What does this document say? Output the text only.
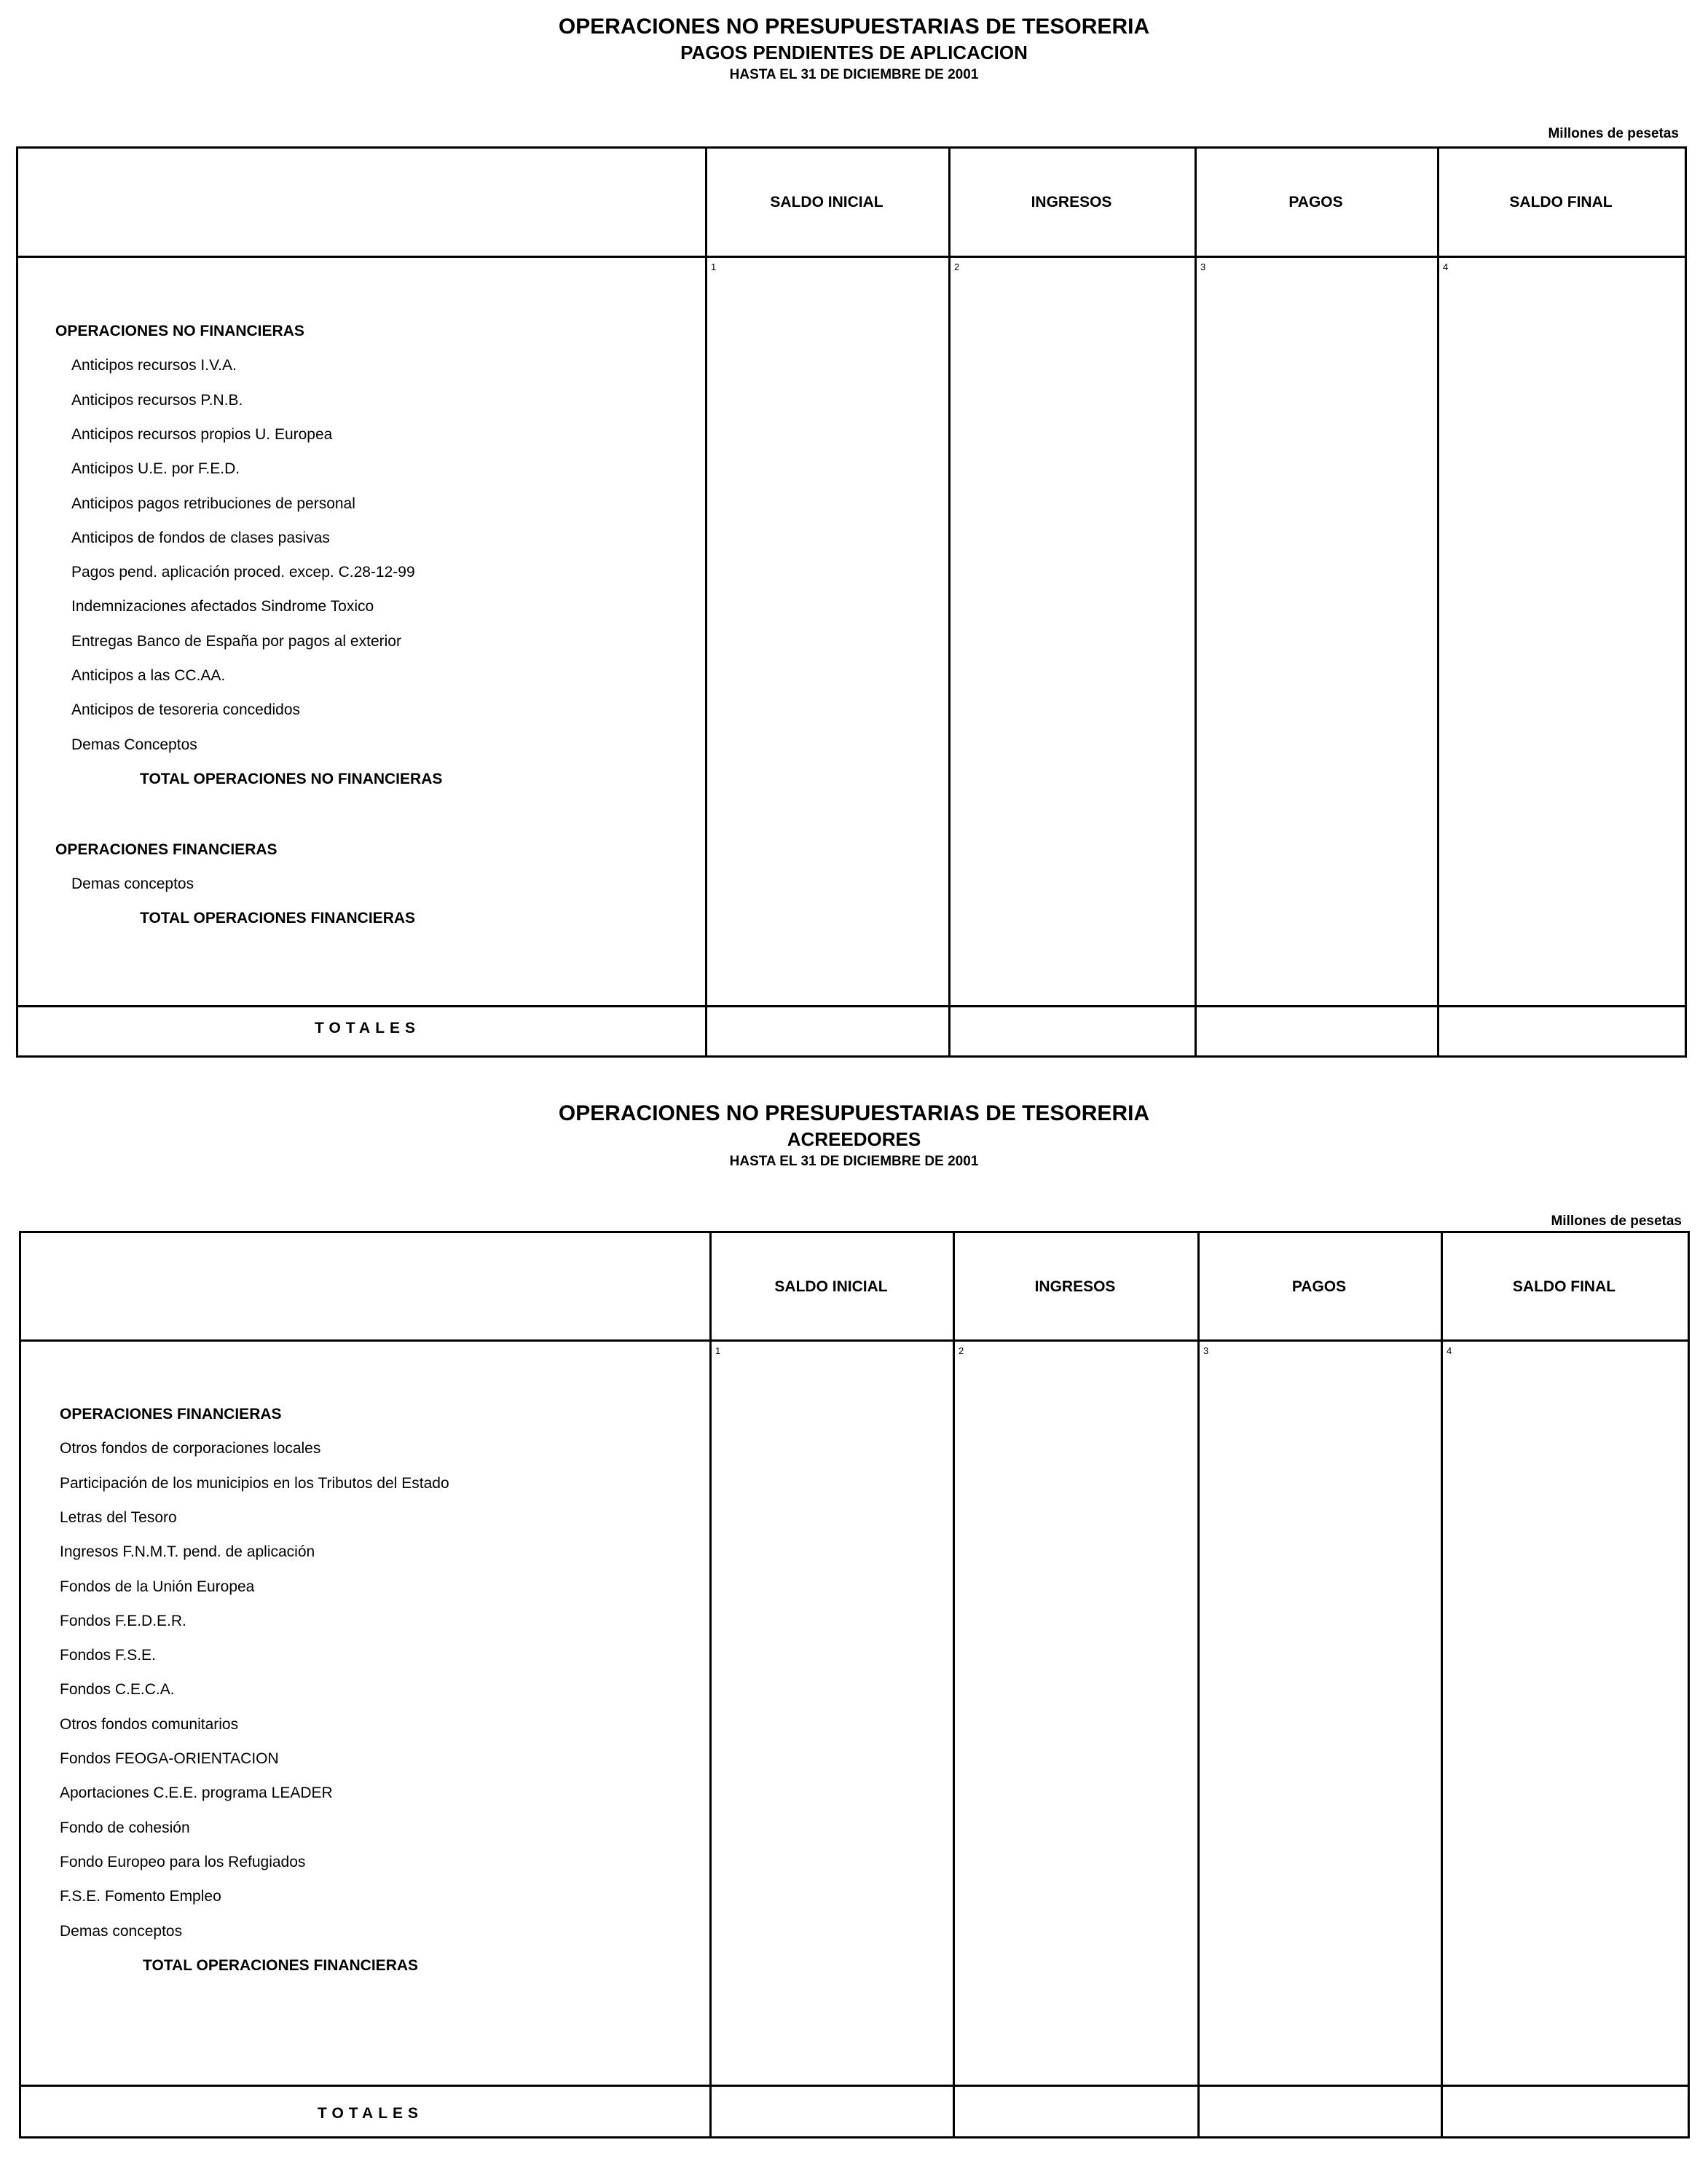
OPERACIONES NO PRESUPUESTARIAS DE TESORERIA
PAGOS PENDIENTES DE APLICACION
HASTA EL 31 DE DICIEMBRE DE 2001
Millones de pesetas
SALDO INICIAL
1
INGRESOS
2
PAGOS
3
SALDO FINAL
4
OPERACIONES NO FINANCIERAS
Anticipos recursos I.V.A.
Anticipos recursos P.N.B.
Anticipos recursos propios U. Europea
Anticipos U.E. por F.E.D.
Anticipos pagos retribuciones de personal
Anticipos de fondos de clases pasivas
Pagos pend. aplicación proced. excep. C.28-12-99
Indemnizaciones afectados Sindrome Toxico
Entregas Banco de España por pagos al exterior
Anticipos a las CC.AA.
Anticipos de tesoreria concedidos
Demas Conceptos
TOTAL OPERACIONES NO FINANCIERAS
OPERACIONES FINANCIERAS
Demas conceptos
TOTAL OPERACIONES FINANCIERAS
TOTALES
OPERACIONES NO PRESUPUESTARIAS DE TESORERIA
ACREEDORES
HASTA EL 31 DE DICIEMBRE DE 2001
Millones de pesetas
SALDO INICIAL
1
INGRESOS
2
PAGOS
3
SALDO FINAL
4
OPERACIONES FINANCIERAS
Otros fondos de corporaciones locales
Participación de los municipios en los Tributos del Estado
Letras del Tesoro
Ingresos F.N.M.T. pend. de aplicación
Fondos de la Unión Europea
Fondos F.E.D.E.R.
Fondos F.S.E.
Fondos C.E.C.A.
Otros fondos comunitarios
Fondos FEOGA-ORIENTACION
Aportaciones C.E.E. programa LEADER
Fondo de cohesión
Fondo Europeo para los Refugiados
F.S.E. Fomento Empleo
Demas conceptos
TOTAL OPERACIONES FINANCIERAS
TOTALES
